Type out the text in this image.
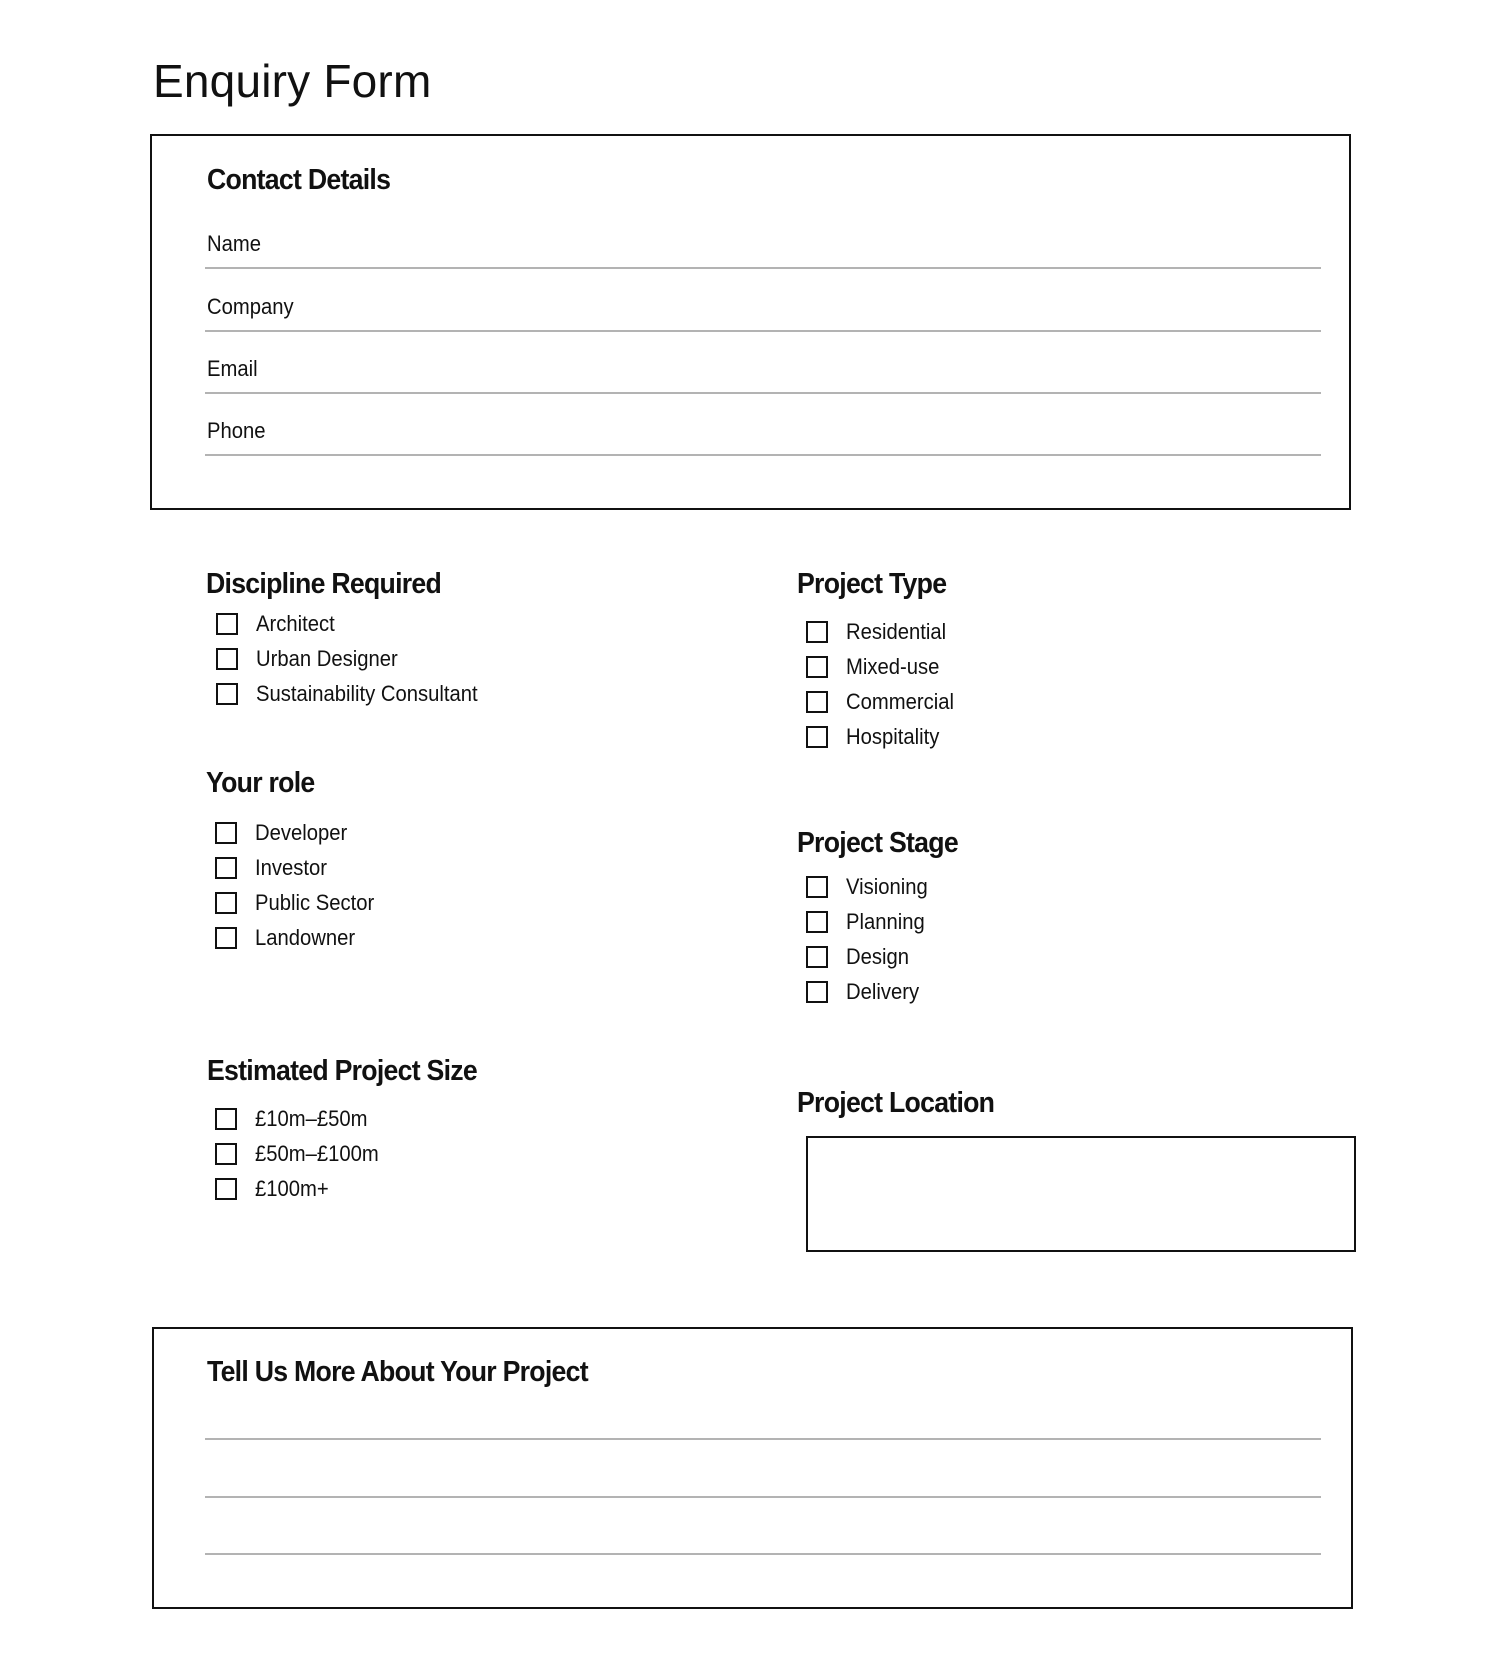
Enquiry Form
Contact Details
Name
Company
Email
Phone
Discipline Required
Architect
Urban Designer
Sustainability Consultant
Your role
Developer
Investor
Public Sector
Landowner
Estimated Project Size
£10m–£50m
£50m–£100m
£100m+
Project Type
Residential
Mixed-use
Commercial
Hospitality
Project Stage
Visioning
Planning
Design
Delivery
Project Location
Tell Us More About Your Project
